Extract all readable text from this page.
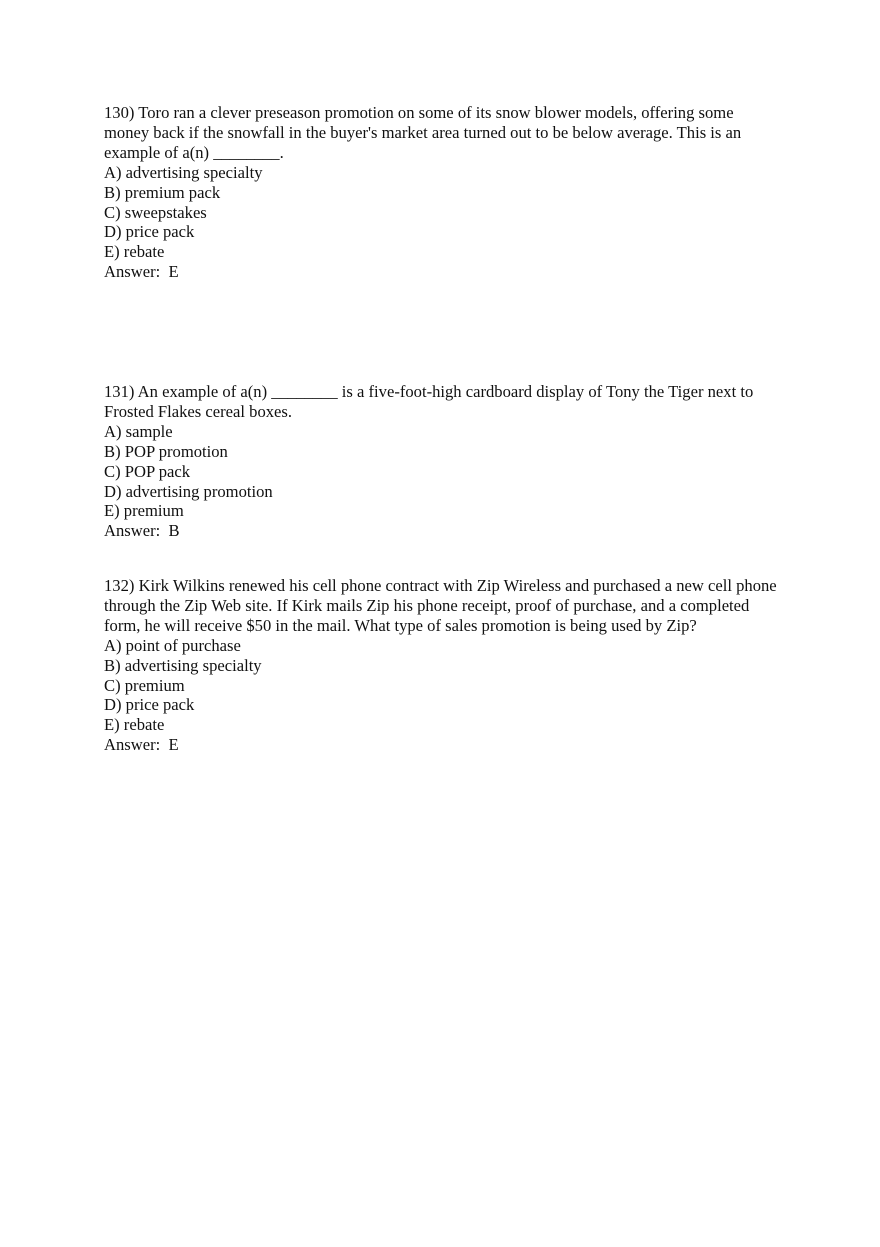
130) Toro ran a clever preseason promotion on some of its snow blower models, offering some money back if the snowfall in the buyer's market area turned out to be below average. This is an example of a(n) ________.

A) advertising specialty
B) premium pack
C) sweepstakes
D) price pack
E) rebate
Answer:  E

131) An example of a(n) ________ is a five-foot-high cardboard display of Tony the Tiger next to Frosted Flakes cereal boxes.

A) sample
B) POP promotion
C) POP pack
D) advertising promotion
E) premium
Answer:  B

132) Kirk Wilkins renewed his cell phone contract with Zip Wireless and purchased a new cell phone through the Zip Web site. If Kirk mails Zip his phone receipt, proof of purchase, and a completed form, he will receive $50 in the mail. What type of sales promotion is being used by Zip?

A) point of purchase
B) advertising specialty
C) premium
D) price pack
E) rebate
Answer:  E
